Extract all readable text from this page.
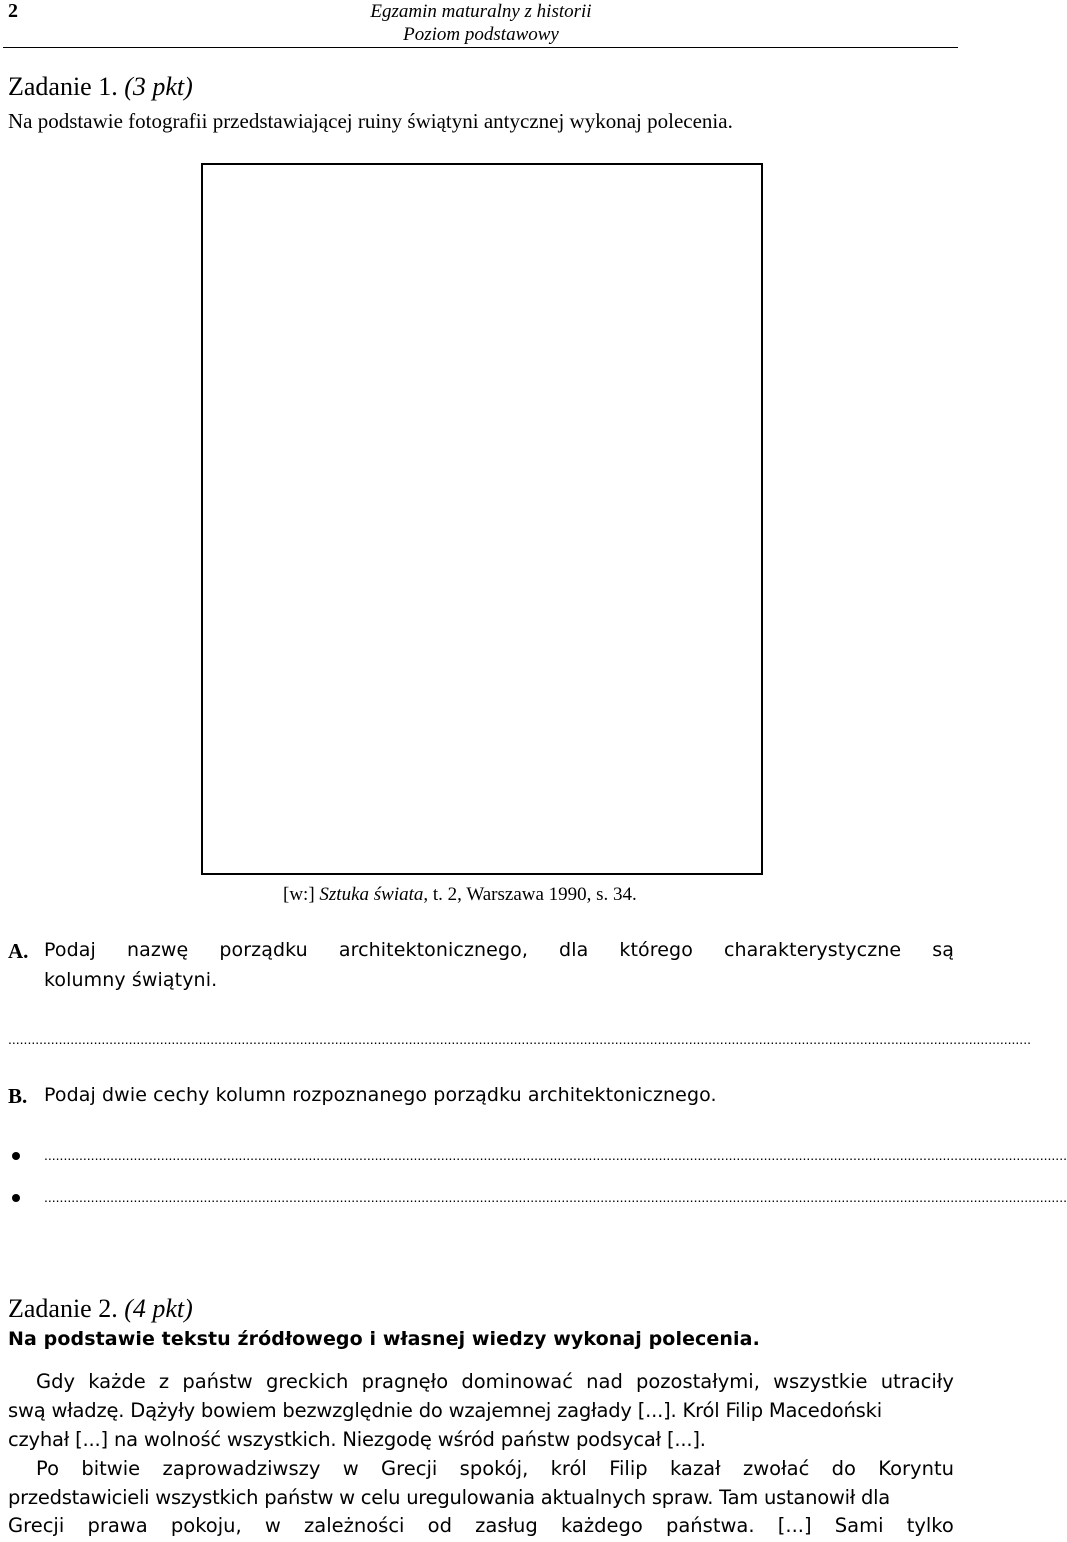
2	Egzamin maturalny z historii
Poziom podstawowy
Zadanie 1. (3 pkt)
Na podstawie fotografii przedstawiającej ruiny świątyni antycznej wykonaj polecenia.
[w:] Sztuka świata, t. 2, Warszawa 1990, s. 34.
A. Podaj nazwę porządku architektonicznego, dla którego charakterystyczne są
kolumny świątyni.
.......................................................................................................................................................................................................................................................................
B. Podaj dwie cechy kolumn rozpoznanego porządku architektonicznego.
.......................................................................................................................................................................................................................................................................
.......................................................................................................................................................................................................................................................................
Zadanie 2. (4 pkt)
Na podstawie tekstu źródłowego i własnej wiedzy wykonaj polecenia.
Gdy każde z państw greckich pragnęło dominować nad pozostałymi, wszystkie utraciły
swą władzę. Dążyły bowiem bezwzględnie do wzajemnej zagłady [...]. Król Filip Macedoński
czyhał [...] na wolność wszystkich. Niezgodę wśród państw podsycał [...].
Po bitwie zaprowadziwszy w Grecji spokój, król Filip kazał zwołać do Koryntu
przedstawicieli wszystkich państw w celu uregulowania aktualnych spraw. Tam ustanowił dla
Grecji prawa pokoju, w zależności od zasług każdego państwa. [...] Sami tylko
